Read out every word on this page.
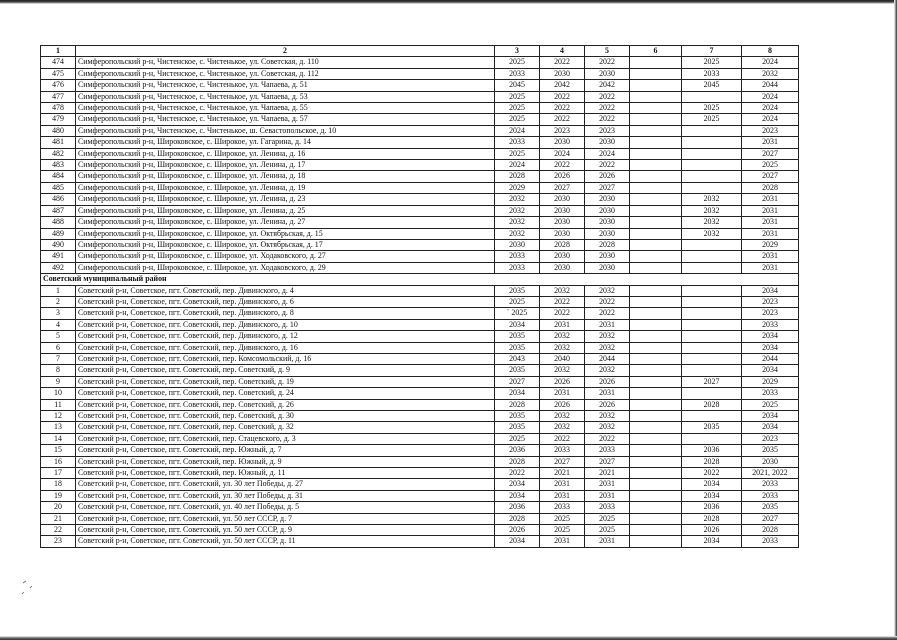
1	2	3	4	5	6	7	8
474	Симферопольский р-н, Чистенское, с. Чистенькое, ул. Советская, д. 110	2025	2022	2022		2025	2024
475	Симферопольский р-н, Чистенское, с. Чистенькое, ул. Советская, д. 112	2033	2030	2030		2033	2032
476	Симферопольский р-н, Чистенское, с. Чистенькое, ул. Чапаева, д. 51	2045	2042	2042		2045	2044
477	Симферопольский р-н, Чистенское, с. Чистенькое, ул. Чапаева, д. 53	2025	2022	2022			2024
478	Симферопольский р-н, Чистенское, с. Чистенькое, ул. Чапаева, д. 55	2025	2022	2022		2025	2024
479	Симферопольский р-н, Чистенское, с. Чистенькое, ул. Чапаева, д. 57	2025	2022	2022		2025	2024
480	Симферопольский р-н, Чистенское, с. Чистенькое, ш. Севастопольское, д. 10	2024	2023	2023			2023
481	Симферопольский р-н, Широковское, с. Широкое, ул. Гагарина, д. 14	2033	2030	2030			2031
482	Симферопольский р-н, Широковское, с. Широкое, ул. Ленина, д. 16	2025	2024	2024			2027
483	Симферопольский р-н, Широковское, с. Широкое, ул. Ленина, д. 17	2024	2022	2022			2025
484	Симферопольский р-н, Широковское, с. Широкое, ул. Ленина, д. 18	2028	2026	2026			2027
485	Симферопольский р-н, Широковское, с. Широкое, ул. Ленина, д. 19	2029	2027	2027			2028
486	Симферопольский р-н, Широковское, с. Широкое, ул. Ленина, д. 23	2032	2030	2030		2032	2031
487	Симферопольский р-н, Широковское, с. Широкое, ул. Ленина, д. 25	2032	2030	2030		2032	2031
488	Симферопольский р-н, Широковское, с. Широкое, ул. Ленина, д. 27	2032	2030	2030		2032	2031
489	Симферопольский р-н, Широковское, с. Широкое, ул. Октябрьская, д. 15	2032	2030	2030		2032	2031
490	Симферопольский р-н, Широковское, с. Широкое, ул. Октябрьская, д. 17	2030	2028	2028			2029
491	Симферопольский р-н, Широковское, с. Широкое, ул. Ходаковского, д. 27	2033	2030	2030			2031
492	Симферопольский р-н, Широковское, с. Широкое, ул. Ходаковского, д. 29	2033	2030	2030			2031
Советский муниципальный район							
1	Советский р-н, Советское, пгт. Советский, пер. Дивинского, д. 4	2035	2032	2032			2034
2	Советский р-н, Советское, пгт. Советский, пер. Дивинского, д. 6	2025	2022	2022			2023
3	Советский р-н, Советское, пгт. Советский, пер. Дивинского, д. 8	` 2025	2022	2022			2023
4	Советский р-н, Советское, пгт. Советский, пер. Дивинского, д. 10	2034	2031	2031			2033
5	Советский р-н, Советское, пгт. Советский, пер. Дивинского, д. 12	2035	2032	2032			2034
6	Советский р-н, Советское, пгт. Советский, пер. Дивинского, д. 16	2035	2032	2032			2034
7	Советский р-н, Советское, пгт. Советский, пер. Комсомольский, д. 16	2043	2040	2044			2044
8	Советский р-н, Советское, пгт. Советский, пер. Советский, д. 9	2035	2032	2032			2034
9	Советский р-н, Советское, пгт. Советский, пер. Советский, д. 19	2027	2026	2026		2027	2029
10	Советский р-н, Советское, пгт. Советский, пер. Советский, д. 24	2034	2031	2031			2033
11	Советский р-н, Советское, пгт. Советский, пер. Советский, д. 26	2028	2026	2026		2028	2025
12	Советский р-н, Советское, пгт. Советский, пер. Советский, д. 30	2035	2032	2032			2034
13	Советский р-н, Советское, пгт. Советский, пер. Советский, д. 32	2035	2032	2032		2035	2034
14	Советский р-н, Советское, пгт. Советский, пер. Стацевского, д. 3	2025	2022	2022			2023
15	Советский р-н, Советское, пгт. Советский, пер. Южный, д. 7	2036	2033	2033		2036	2035
16	Советский р-н, Советское, пгт. Советский, пер. Южный, д. 9	2028	2027	2027		2028	2030
17	Советский р-н, Советское, пгт. Советский, пер. Южный, д. 11	2022	2021	2021		2022	2021, 2022
18	Советский р-н, Советское, пгт. Советский, ул. 30 лет Победы, д. 27	2034	2031	2031		2034	2033
19	Советский р-н, Советское, пгт. Советский, ул. 30 лет Победы, д. 31	2034	2031	2031		2034	2033
20	Советский р-н, Советское, пгт. Советский, ул. 40 лет Победы, д. 5	2036	2033	2033		2036	2035
21	Советский р-н, Советское, пгт. Советский, ул. 50 лет СССР, д. 7	2028	2025	2025		2028	2027
22	Советский р-н, Советское, пгт. Советский, ул. 50 лет СССР, д. 9	2026	2025	2025		2026	2028
23	Советский р-н, Советское, пгт. Советский, ул. 50 лет СССР, д. 11	2034	2031	2031		2034	2033
